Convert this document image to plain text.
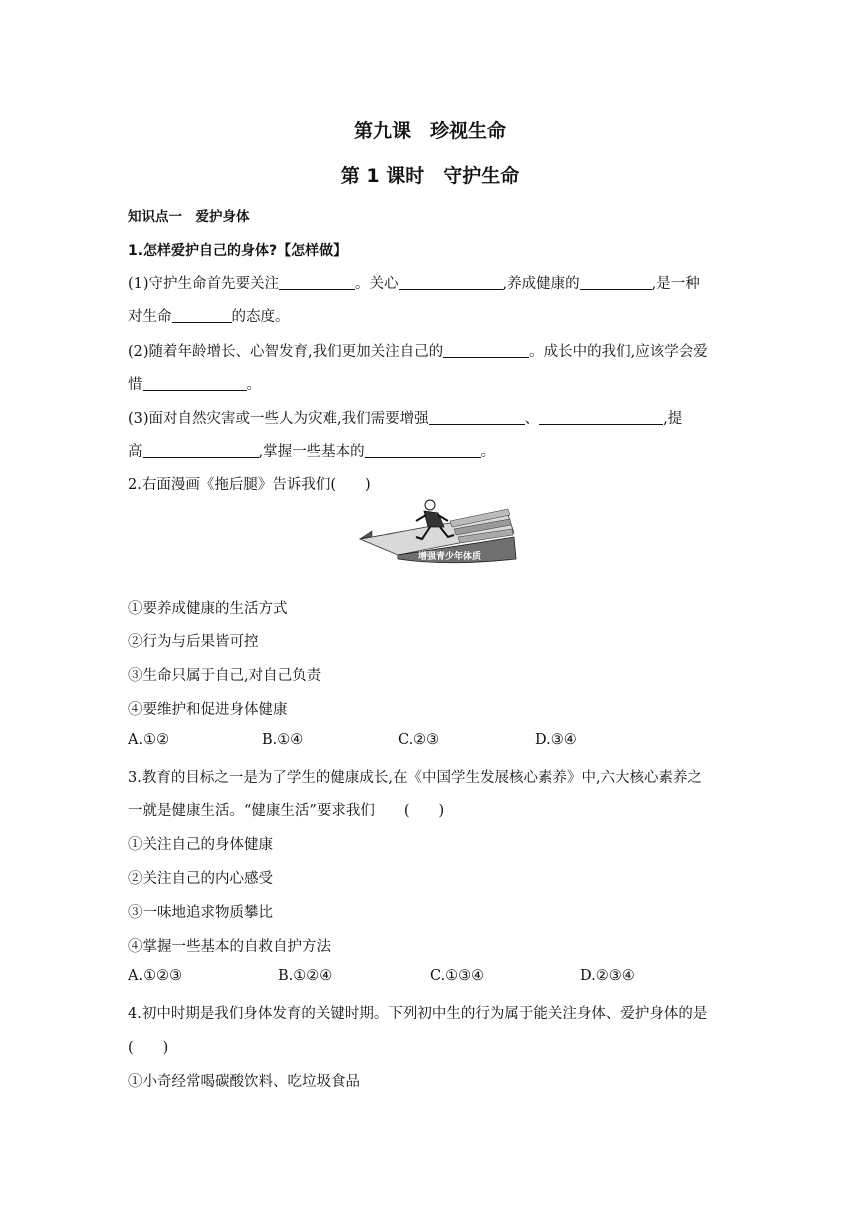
第九课　珍视生命
第 1 课时　守护生命
知识点一　爱护身体
1.怎样爱护自己的身体?【怎样做】
(1)守护生命首先要关注	。关心	,养成健康的	,是一种
对生命	的态度。
(2)随着年龄增长、心智发育,我们更加关注自己的	。成长中的我们,应该学会爱
惜	。
(3)面对自然灾害或一些人为灾难,我们需要增强	、	,提
高	,掌握一些基本的	。
2.右面漫画《拖后腿》告诉我们(　　)
增强青少年体质
①要养成健康的生活方式
②行为与后果皆可控
③生命只属于自己,对自己负责
④要维护和促进身体健康
A.①②	B.①④	C.②③	D.③④
3.教育的目标之一是为了学生的健康成长,在《中国学生发展核心素养》中,六大核心素养之
一就是健康生活。“健康生活”要求我们　　(　　)
①关注自己的身体健康
②关注自己的内心感受
③一味地追求物质攀比
④掌握一些基本的自救自护方法
A.①②③	B.①②④	C.①③④	D.②③④
4.初中时期是我们身体发育的关键时期。下列初中生的行为属于能关注身体、爱护身体的是
(　　)
①小奇经常喝碳酸饮料、吃垃圾食品
